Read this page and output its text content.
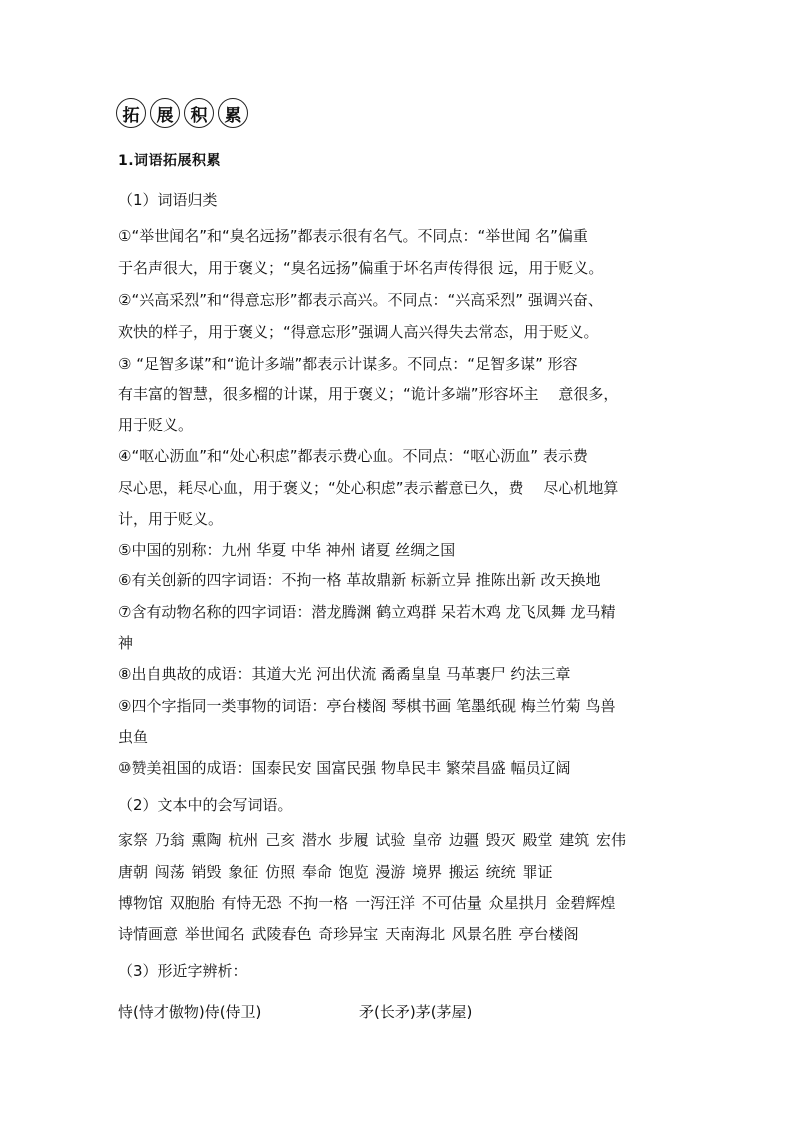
拓	展	积	累
1.词语拓展积累
（1）词语归类
①“举世闻名”和“臭名远扬”都表示很有名气。不同点：“举世闻 名”偏重
于名声很大，用于褒义；“臭名远扬”偏重于坏名声传得很 远，用于贬义。
②“兴高采烈”和“得意忘形”都表示高兴。不同点：“兴高采烈” 强调兴奋、
欢快的样子，用于褒义；“得意忘形”强调人高兴得失去常态，用于贬义。
③ “足智多谋”和“诡计多端”都表示计谋多。不同点：“足智多谋” 形容
有丰富的智慧，很多榴的计谋，用于褒义；“诡计多端”形容坏主　 意很多，
用于贬义。
④“呕心沥血”和“处心积虑”都表示费心血。不同点：“呕心沥血” 表示费
尽心思，耗尽心血，用于褒义；“处心积虑”表示蓄意已久，费　 尽心机地算
计，用于贬义。
⑤中国的别称：九州 华夏 中华 神州 诸夏 丝绸之国
⑥有关创新的四字词语：不拘一格 革故鼎新 标新立异 推陈出新 改天换地
⑦含有动物名称的四字词语：潜龙腾渊 鹤立鸡群 呆若木鸡 龙飞凤舞 龙马精
神
⑧出自典故的成语：其道大光 河出伏流 矞矞皇皇 马革裹尸 约法三章
⑨四个字指同一类事物的词语：亭台楼阁 琴棋书画 笔墨纸砚 梅兰竹菊 鸟兽
虫鱼
⑩赞美祖国的成语：国泰民安 国富民强 物阜民丰 繁荣昌盛 幅员辽阔
（2）文本中的会写词语。
家祭 乃翁 熏陶 杭州 己亥 潜水 步履 试验 皇帝 边疆 毁灭 殿堂 建筑 宏伟
唐朝 闯荡 销毁 象征 仿照 奉命 饱览 漫游 境界 搬运 统统 罪证
博物馆 双胞胎 有恃无恐 不拘一格 一泻汪洋 不可估量 众星拱月 金碧辉煌
诗情画意 举世闻名 武陵春色 奇珍异宝 天南海北 风景名胜 亭台楼阁
（3）形近字辨析：
恃(恃才傲物)侍(侍卫)	矛(长矛)茅(茅屋)
